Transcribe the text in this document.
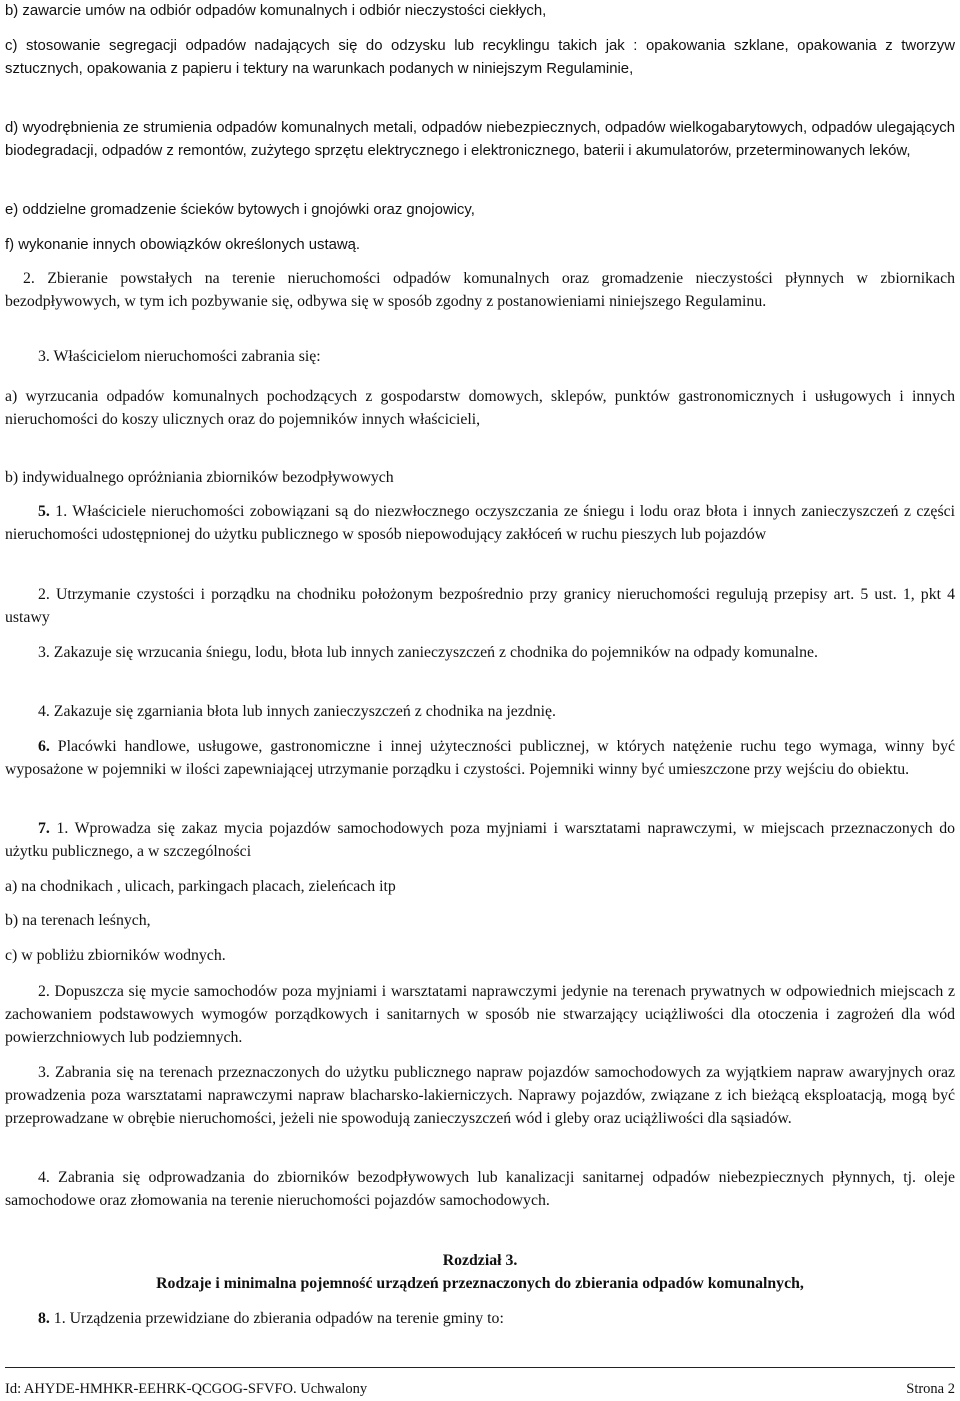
b) zawarcie umów na odbiór odpadów komunalnych i odbiór nieczystości ciekłych,

c) stosowanie segregacji odpadów nadających się do odzysku lub recyklingu takich jak : opakowania szklane, opakowania z tworzyw sztucznych, opakowania z papieru i tektury na warunkach podanych w niniejszym Regulaminie,

d) wyodrębnienia ze strumienia odpadów komunalnych metali, odpadów niebezpiecznych, odpadów wielkogabarytowych, odpadów ulegających biodegradacji, odpadów z remontów, zużytego sprzętu elektrycznego i elektronicznego, baterii i akumulatorów, przeterminowanych leków,

e) oddzielne gromadzenie ścieków bytowych i gnojówki oraz gnojowicy,

f) wykonanie innych obowiązków określonych ustawą.

2. Zbieranie powstałych na terenie nieruchomości odpadów komunalnych oraz gromadzenie nieczystości płynnych w zbiornikach bezodpływowych, w tym ich pozbywanie się, odbywa się w sposób zgodny z postanowieniami niniejszego Regulaminu.

3. Właścicielom nieruchomości zabrania się:

a) wyrzucania odpadów komunalnych pochodzących z gospodarstw domowych, sklepów, punktów gastronomicznych i usługowych i innych nieruchomości do koszy ulicznych oraz do pojemników innych właścicieli,

b) indywidualnego opróżniania zbiorników bezodpływowych

5. 1. Właściciele nieruchomości zobowiązani są do niezwłocznego oczyszczania ze śniegu i lodu oraz błota i innych zanieczyszczeń z części nieruchomości udostępnionej do użytku publicznego w sposób niepowodujący zakłóceń w ruchu pieszych lub pojazdów

2. Utrzymanie czystości i porządku na chodniku położonym bezpośrednio przy granicy nieruchomości regulują przepisy art. 5 ust. 1, pkt 4 ustawy

3. Zakazuje się wrzucania śniegu, lodu, błota lub innych zanieczyszczeń z chodnika do pojemników na odpady komunalne.

4. Zakazuje się zgarniania błota lub innych zanieczyszczeń z chodnika na jezdnię.

6. Placówki handlowe, usługowe, gastronomiczne i innej użyteczności publicznej, w których natężenie ruchu tego wymaga, winny być wyposażone w pojemniki w ilości zapewniającej utrzymanie porządku i czystości. Pojemniki winny być umieszczone przy wejściu do obiektu.

7. 1. Wprowadza się zakaz mycia pojazdów samochodowych poza myjniami i warsztatami naprawczymi, w miejscach przeznaczonych do użytku publicznego, a w szczególności

a) na chodnikach , ulicach, parkingach placach, zieleńcach itp

b) na terenach leśnych,

c) w pobliżu zbiorników wodnych.

2. Dopuszcza się mycie samochodów poza myjniami i warsztatami naprawczymi jedynie na terenach prywatnych w odpowiednich miejscach z zachowaniem podstawowych wymogów porządkowych i sanitarnych w sposób nie stwarzający uciążliwości dla otoczenia i zagrożeń dla wód powierzchniowych lub podziemnych.

3. Zabrania się na terenach przeznaczonych do użytku publicznego napraw pojazdów samochodowych za wyjątkiem napraw awaryjnych oraz prowadzenia poza warsztatami naprawczymi napraw blacharsko-lakierniczych. Naprawy pojazdów, związane z ich bieżącą eksploatacją, mogą być przeprowadzane w obrębie nieruchomości, jeżeli nie spowodują zanieczyszczeń wód i gleby oraz uciążliwości dla sąsiadów.

4. Zabrania się odprowadzania do zbiorników bezodpływowych lub kanalizacji sanitarnej odpadów niebezpiecznych płynnych, tj. oleje samochodowe oraz złomowania na terenie nieruchomości pojazdów samochodowych.

Rozdział 3.
Rodzaje i minimalna pojemność urządzeń przeznaczonych do zbierania odpadów komunalnych,

8. 1. Urządzenia przewidziane do zbierania odpadów na terenie gminy to:

Id: AHYDE-HMHKR-EEHRK-QCGOG-SFVFO. Uchwalony	Strona 2
